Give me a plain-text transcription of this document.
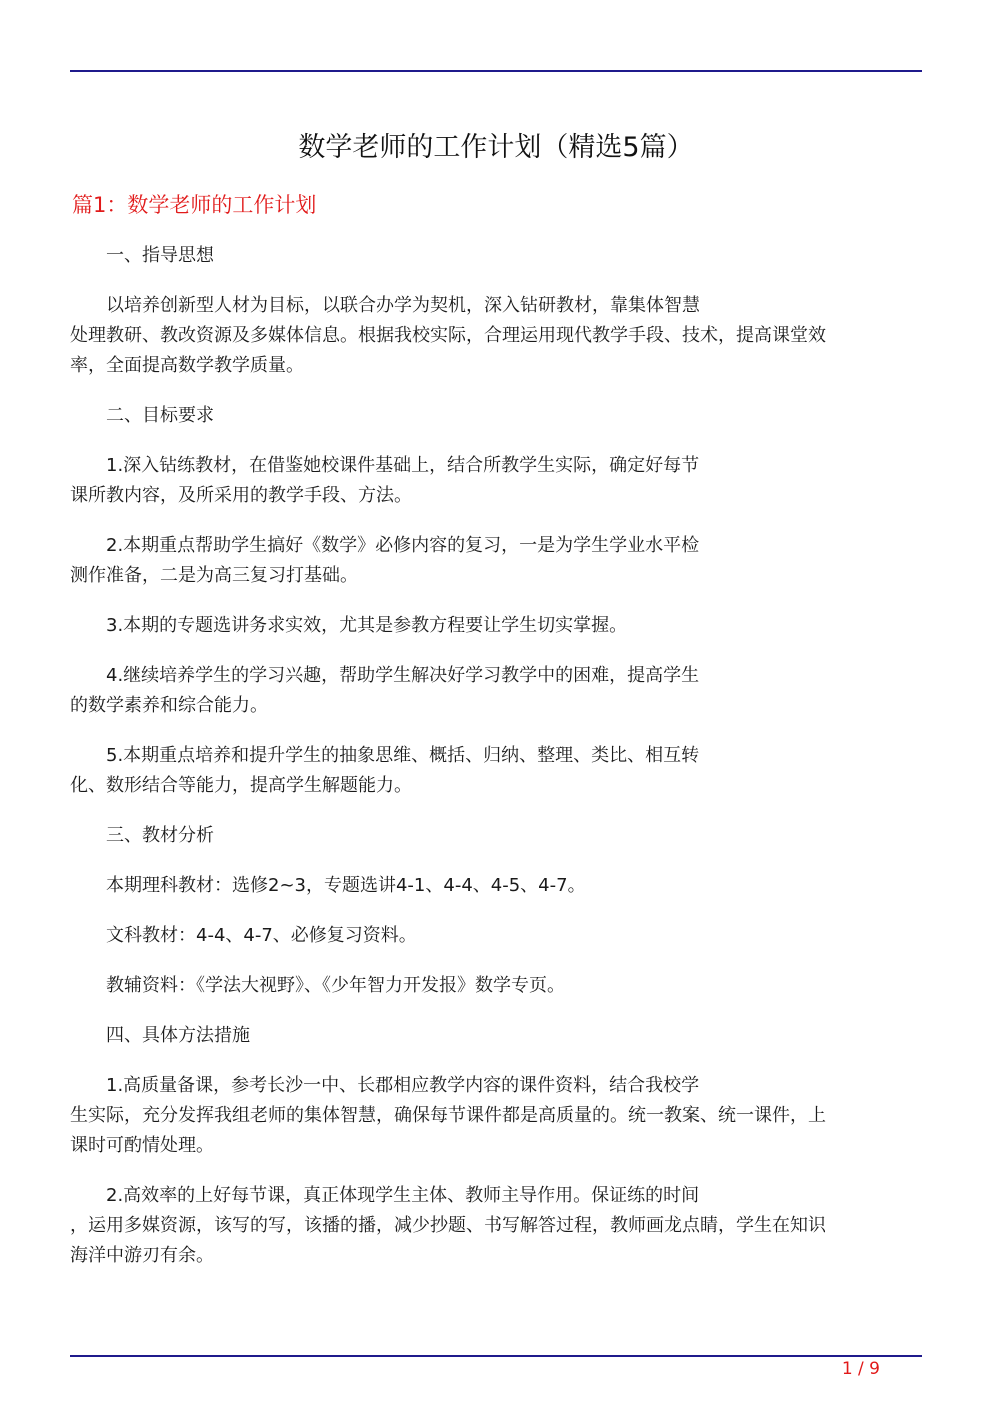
数学老师的工作计划（精选5篇）
篇1：数学老师的工作计划
　　一、指导思想
　　以培养创新型人材为目标，以联合办学为契机，深入钻研教材，靠集体智慧
处理教研、教改资源及多媒体信息。根据我校实际，合理运用现代教学手段、技术，提高课堂效
率，全面提高数学教学质量。
　　二、目标要求
　　1.深入钻练教材，在借鉴她校课件基础上，结合所教学生实际，确定好每节
课所教内容，及所采用的教学手段、方法。
　　2.本期重点帮助学生搞好《数学》必修内容的复习，一是为学生学业水平检
测作准备，二是为高三复习打基础。
　　3.本期的专题选讲务求实效，尤其是参教方程要让学生切实掌握。
　　4.继续培养学生的学习兴趣，帮助学生解决好学习教学中的困难，提高学生
的数学素养和综合能力。
　　5.本期重点培养和提升学生的抽象思维、概括、归纳、整理、类比、相互转
化、数形结合等能力，提高学生解题能力。
　　三、教材分析
　　本期理科教材：选修2~3，专题选讲4-1、4-4、4-5、4-7。
　　文科教材：4-4、4-7、必修复习资料。
　　教辅资料：《学法大视野》、《少年智力开发报》数学专页。
　　四、具体方法措施
　　1.高质量备课，参考长沙一中、长郡相应教学内容的课件资料，结合我校学
生实际，充分发挥我组老师的集体智慧，确保每节课件都是高质量的。统一教案、统一课件，上
课时可酌情处理。
　　2.高效率的上好每节课，真正体现学生主体、教师主导作用。保证练的时间
，运用多媒资源，该写的写，该播的播，减少抄题、书写解答过程，教师画龙点睛，学生在知识
海洋中游刃有余。
1 / 9
